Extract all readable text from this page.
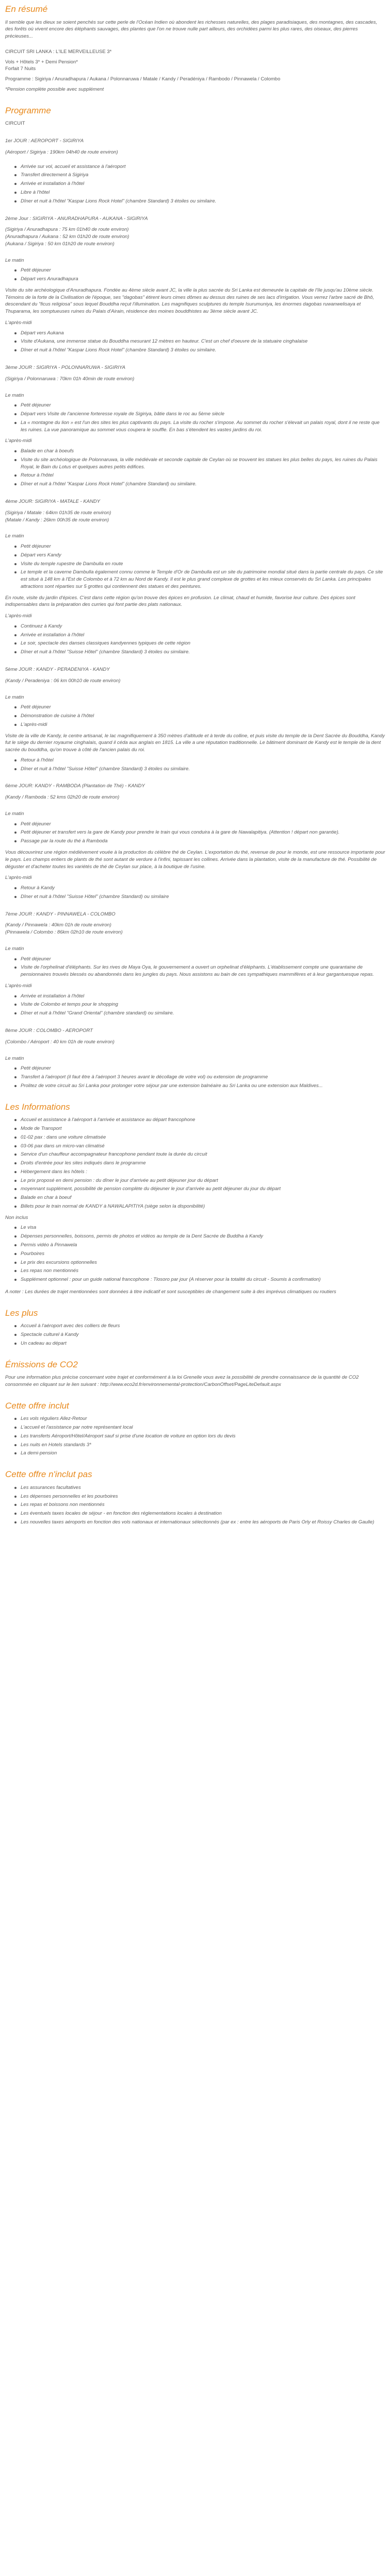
En résumé

Il semble que les dieux se soient penchés sur cette perle de l'Océan Indien où abondent les richesses naturelles, des plages paradisiaques, des montagnes, des cascades, des forêts où vivent encore des éléphants sauvages, des plantes que l'on ne trouve nulle part ailleurs, des orchidées parmi les plus rares, des oiseaux, des pierres précieuses...

CIRCUIT SRI LANKA : L'ILE MERVEILLEUSE 3*

Vols + Hôtels 3* + Demi Pension*

Forfait 7 Nuits

Programme : Sigiriya / Anuradhapura / Aukana / Polonnaruwa / Matale / Kandy / Peradéniya / Rambodo / Pinnawela / Colombo

*Pension complète possible avec supplément

Programme

CIRCUIT

1er JOUR : AEROPORT - SIGIRIYA

(Aéroport / Sigiriya : 190km 04h40 de route environ)

Arrivée sur vol, accueil et assistance à l'aéroport
Transfert directement à Sigiriya
Arrivée et installation à l'hôtel
Libre à l'hôtel
Dîner et nuit à l'hôtel "Kaspar Lions Rock Hotel" (chambre Standard) 3 étoiles ou similaire.

2ème Jour : SIGIRIYA - ANURADHAPURA - AUKANA - SIGIRIYA

(Sigiriya / Anuradhapura : 75 km 01h40 de route environ)

(Anuradhapura / Aukana : 52 km 01h20 de route environ)

(Aukana / Sigiriya : 50 km 01h20 de route environ)

Le matin

Petit déjeuner
Départ vers Anuradhapura

Visite du site archéologique d'Anuradhapura. Fondée au 4ème siècle avant JC, la ville la plus sacrée du Sri Lanka est demeurée la capitale de l'île jusqu'au 10ème siècle. Témoins de la forte de la Civilisation de l'époque, ses "dagobas" étirent leurs cimes dômes au dessus des ruines de ses lacs d'irrigation. Vous verrez l'arbre sacré de Bhô, descendant du "ficus religiosa" sous lequel Bouddha reçut l'illumination. Les magnifiques sculptures du temple Isurumuniya, les énormes dagobas ruwanwelisaya et Thuparama, les somptueuses ruines du Palais d'Airain, résidence des moines bouddhistes au 3ème siècle avant JC.

L'après-midi

Départ vers Aukana
Visite d'Aukana, une immense statue du Bouddha mesurant 12 mètres en hauteur. C'est un chef d'oeuvre de la statuaire cinghalaise
Dîner et nuit à l'hôtel "Kaspar Lions Rock Hotel" (chambre Standard) 3 étoiles ou similaire.

3ème JOUR : SIGIRIYA - POLONNARUWA - SIGIRIYA

(Sigiriya / Polonnaruwa : 70km 01h 40min de route environ)

Le matin

Petit déjeuner
Départ vers Visite de l'ancienne forteresse royale de Sigiriya, bâtie dans le roc au 5ème siècle
La « montagne du lion » est l'un des sites les plus captivants du pays. La visite du rocher s'impose. Au sommet du rocher s'élevait un palais royal, dont il ne reste que les ruines. La vue panoramique au sommet vous coupera le souffle. En bas s'étendent les vastes jardins du roi.

L'après-midi

Balade en char à boeufs
Visite du site archéologique de Polonnaruwa, la ville médiévale et seconde capitale de Ceylan où se trouvent les statues les plus belles du pays, les ruines du Palais Royal, le Bain du Lotus et quelques autres petits édifices.
Retour à l'hôtel
Dîner et nuit à l'hôtel "Kaspar Lions Rock Hotel" (chambre Standard) ou similaire.

4ème JOUR: SIGIRIYA - MATALE - KANDY

(Sigiriya / Matale : 64km 01h35 de route environ)

(Matale / Kandy : 26km 00h35 de route environ)

Le matin

Petit déjeuner
Départ vers Kandy
Visite du temple rupestre de Dambulla en route
Le temple et la caverne Dambulla également connu comme le Temple d'Or de Dambulla est un site du patrimoine mondial situé dans la partie centrale du pays. Ce site est situé à 148 km à l'Est de Colombo et à 72 km au Nord de Kandy. Il est le plus grand complexe de grottes et les mieux conservés du Sri Lanka. Les principales attractions sont réparties sur 5 grottes qui contiennent des statues et des peintures.

En route, visite du jardin d'épices. C'est dans cette région qu'on trouve des épices en profusion. Le climat, chaud et humide, favorise leur culture. Des épices sont indispensables dans la préparation des curries qui font partie des plats nationaux.

L'après-midi

Continuez à Kandy
Arrivée et installation à l'hôtel
Le soir, spectacle des danses classiques kandyennes typiques de cette région
Dîner et nuit à l'hôtel "Suisse Hôtel" (chambre Standard) 3 étoiles ou similaire.

5ème JOUR : KANDY - PERADENIYA - KANDY

(Kandy / Peradeniya : 06 km 00h10 de route environ)

Le matin

Petit déjeuner
Démonstration de cuisine à l'hôtel
L'après-midi

Visite de la ville de Kandy, le centre artisanal, le lac magnifiquement à 350 mètres d'altitude et à terde du colline, et puis visite du temple de la Dent Sacrée du Bouddha, Kandy fut le siège du dernier royaume cinghalais, quand il céda aux anglais en 1815. La ville a une réputation traditionnelle. Le bâtiment dominant de Kandy est le temple de la dent sacrée du bouddha, qu'on trouve à côté de l'ancien palais du roi.

Retour à l'hôtel
Dîner et nuit à l'hôtel "Suisse Hôtel" (chambre Standard) 3 étoiles ou similaire.

6ème JOUR: KANDY - RAMBODA (Plantation de Thé) - KANDY

(Kandy / Ramboda : 52 kms 02h20 de route environ)

Le matin

Petit déjeuner
Petit déjeuner et transfert vers la gare de Kandy pour prendre le train qui vous conduira à la gare de Nawalapitiya. (Attention ! départ non garantie).
Passage par la route du thé à Ramboda

Vous découvrirez une région médiévement vouée à la production du célèbre thé de Ceylan. L'exportation du thé, revenue de pour le monde, est une ressource importante pour le pays. Les champs entiers de plants de thé sont autant de verdure à l'infini, tapissant les collines. Arrivée dans la plantation, visite de la manufacture de thé. Possibilité de déguster et d'acheter toutes les variétés de thé de Ceylan sur place, à la boutique de l'usine.

L'après-midi

Retour à Kandy
Dîner et nuit à l'hôtel "Suisse Hôtel" (chambre Standard) ou similaire

7ème JOUR : KANDY - PINNAWELA - COLOMBO

(Kandy / Pinnawela : 40km 01h de route environ)

(Pinnawela / Colombo : 86km 02h10 de route environ)

Le matin

Petit déjeuner
Visite de l'orphelinat d'éléphants. Sur les rives de Maya Oya, le gouvernement a ouvert un orphelinat d'éléphants. L'établissement compte une quarantaine de pensionnaires trouvés blessés ou abandonnés dans les jungles du pays. Nous assistons au bain de ces sympathiques mammifères et à leur gargantuesque repas.

L'après-midi

Arrivée et installation à l'hôtel
Visite de Colombo et temps pour le shopping
Dîner et nuit à l'hôtel "Grand Oriental" (chambre standard) ou similaire.

8ème JOUR : COLOMBO - AEROPORT

(Colombo / Aéroport : 40 km 01h de route environ)

Le matin

Petit déjeuner
Transfert à l'aéroport (il faut être à l'aéroport 3 heures avant le décollage de votre vol) ou extension de programme
Prolitez de votre circuit au Sri Lanka pour prolonger votre séjour par une extension balnéaire au Sri Lanka ou une extension aux Maldives...
Les Informations
Accueil et assistance à l'aéroport à l'arrivée et assistance au départ francophone
Mode de Transport
01-02 pax : dans une voiture climatisée
03-06 pax dans un micro-van climatisé
Service d'un chauffeur accompagnateur francophone pendant toute la durée du circuit
Droits d'entrée pour les sites indiqués dans le programme
Hébergement dans les hôtels :
Le prix proposé en demi pension : du dîner le jour d'arrivée au petit déjeuner jour du départ
moyennant supplément, possibilité de pension complète du déjeuner le jour d'arrivée au petit déjeuner du jour du départ
Balade en char à boeuf
Billets pour le train normal de KANDY à NAWALAPITIYA (siège selon la disponibilité)

Non inclus

Le visa
Dépenses personnelles, boissons, permis de photos et vidéos au temple de la Dent Sacrée de Buddha à Kandy
Permis vidéo à Pinnawela
Pourboires
Le prix des excursions optionnelles
Les repas non mentionnés
Supplément optionnel : pour un guide national francophone : Tlosoro par jour (A réserver pour la totalité du circuit - Soumis à confirmation)

A noter : Les durées de trajet mentionnées sont données à titre indicatif et sont susceptibles de changement suite à des imprévus climatiques ou routiers

Les plus
Accueil à l'aéroport avec des colliers de fleurs
Spectacle culturel à Kandy
Un cadeau au départ
Émissions de CO2

Pour une information plus précise concernant votre trajet et conformément à la loi Grenelle vous avez la possibilité de prendre connaissance de la quantité de CO2 consommée en cliquant sur le lien suivant : http://www.eco2d.fr/environnemental-protection/CarbonOffset/PageLiteDefault.aspx

Cette offre inclut
Les vols réguliers Allez-Retour
L'accueil et l'assistance par notre représentant local
Les transferts Aéroport/Hôtel/Aéroport sauf si prise d'une location de voiture en option lors du devis
Les nuits en Hotels standards 3*
La demi-pension
Cette offre n'inclut pas
Les assurances facultatives
Les dépenses personnelles et les pourboires
Les repas et boissons non mentionnés
Les éventuels taxes locales de séjour - en fonction des réglementations locales à destination
Les nouvelles taxes aéroports en fonction des vols nationaux et internationaux sélectionnés (par ex : entre les aéroports de Paris Orly et Roissy Charles de Gaulle)
